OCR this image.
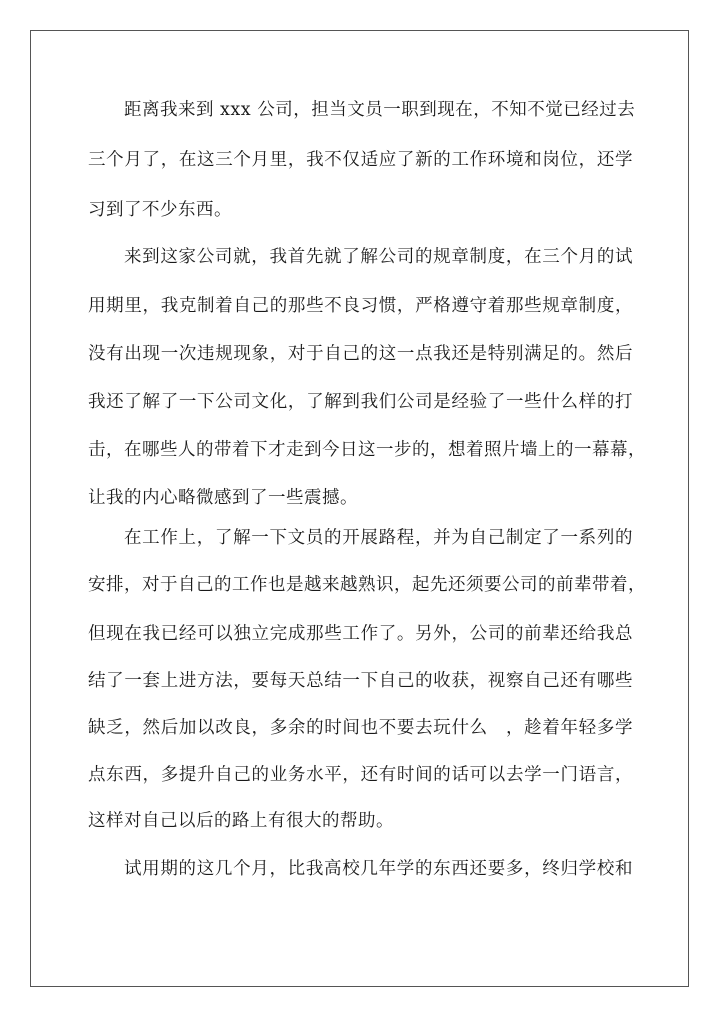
距离我来到 xxx 公司，担当文员一职到现在，不知不觉已经过去
三个月了，在这三个月里，我不仅适应了新的工作环境和岗位，还学
习到了不少东西。
来到这家公司就，我首先就了解公司的规章制度，在三个月的试
用期里，我克制着自己的那些不良习惯，严格遵守着那些规章制度，
没有出现一次违规现象，对于自己的这一点我还是特别满足的。然后
我还了解了一下公司文化，了解到我们公司是经验了一些什么样的打
击，在哪些人的带着下才走到今日这一步的，想着照片墙上的一幕幕，
让我的内心略微感到了一些震撼。
在工作上，了解一下文员的开展路程，并为自己制定了一系列的
安排，对于自己的工作也是越来越熟识，起先还须要公司的前辈带着，
但现在我已经可以独立完成那些工作了。另外，公司的前辈还给我总
结了一套上进方法，要每天总结一下自己的收获，视察自己还有哪些
缺乏，然后加以改良，多余的时间也不要去玩什么　，趁着年轻多学
点东西，多提升自己的业务水平，还有时间的话可以去学一门语言，
这样对自己以后的路上有很大的帮助。
试用期的这几个月，比我高校几年学的东西还要多，终归学校和
